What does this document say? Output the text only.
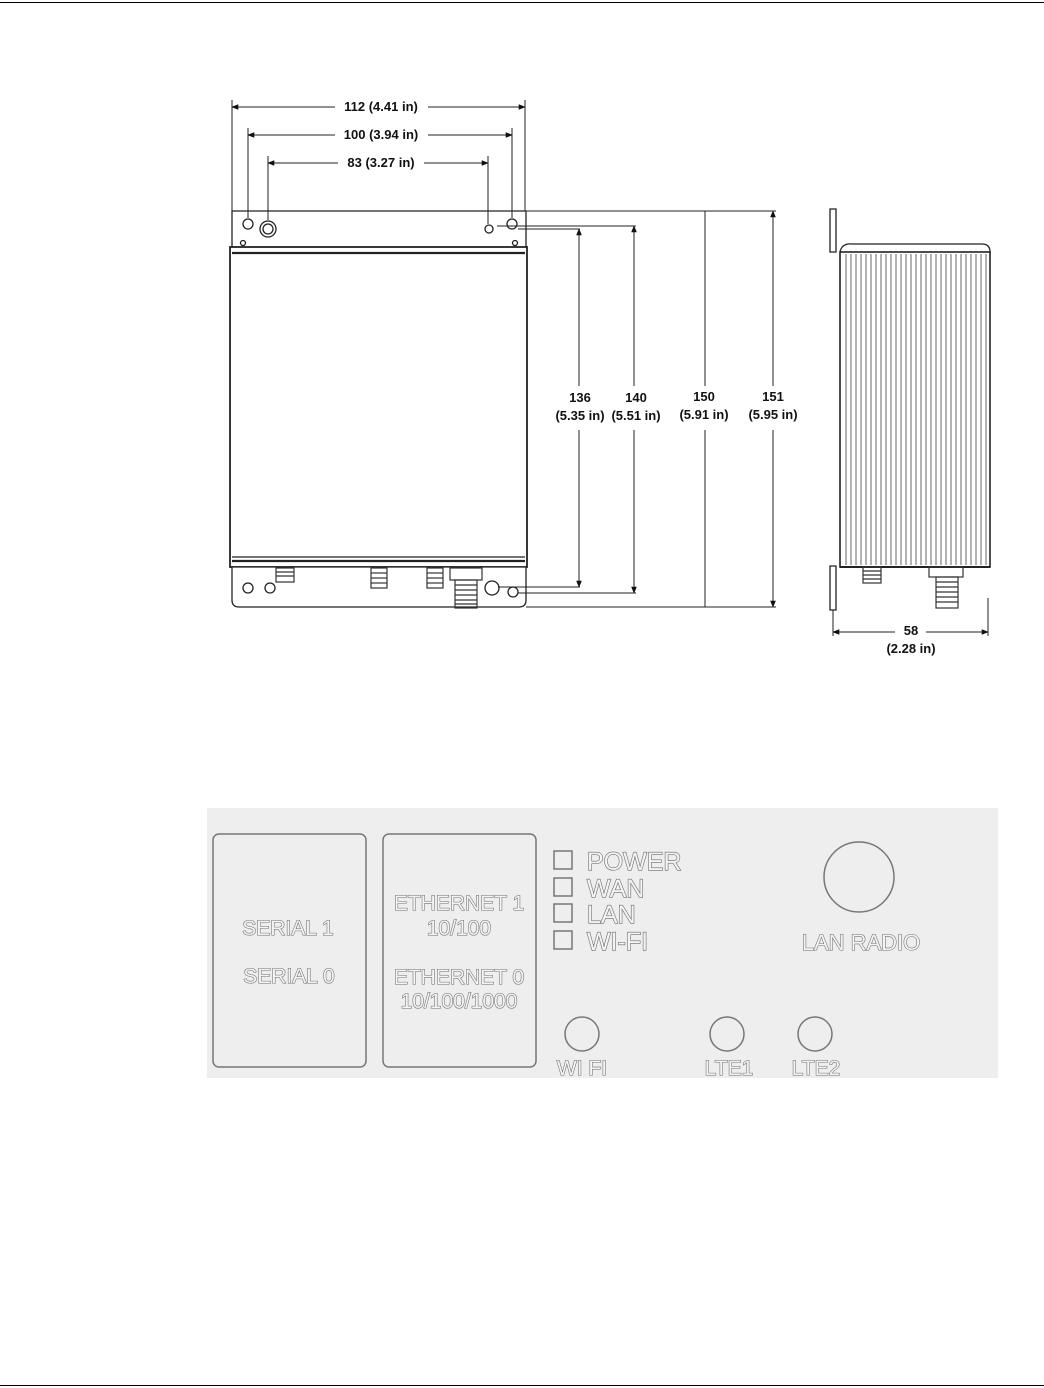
112 (4.41 in)
100 (3.94 in)
83 (3.27 in)
136
(5.35 in)
140
(5.51 in)
150
(5.91 in)
151
(5.95 in)
58
(2.28 in)
SERIAL 1
SERIAL 0
ETHERNET 1
10/100
ETHERNET 0
10/100/1000
POWER
WAN
LAN
WI-FI	LAN RADIO
WI FI	LTE1 LTE2
